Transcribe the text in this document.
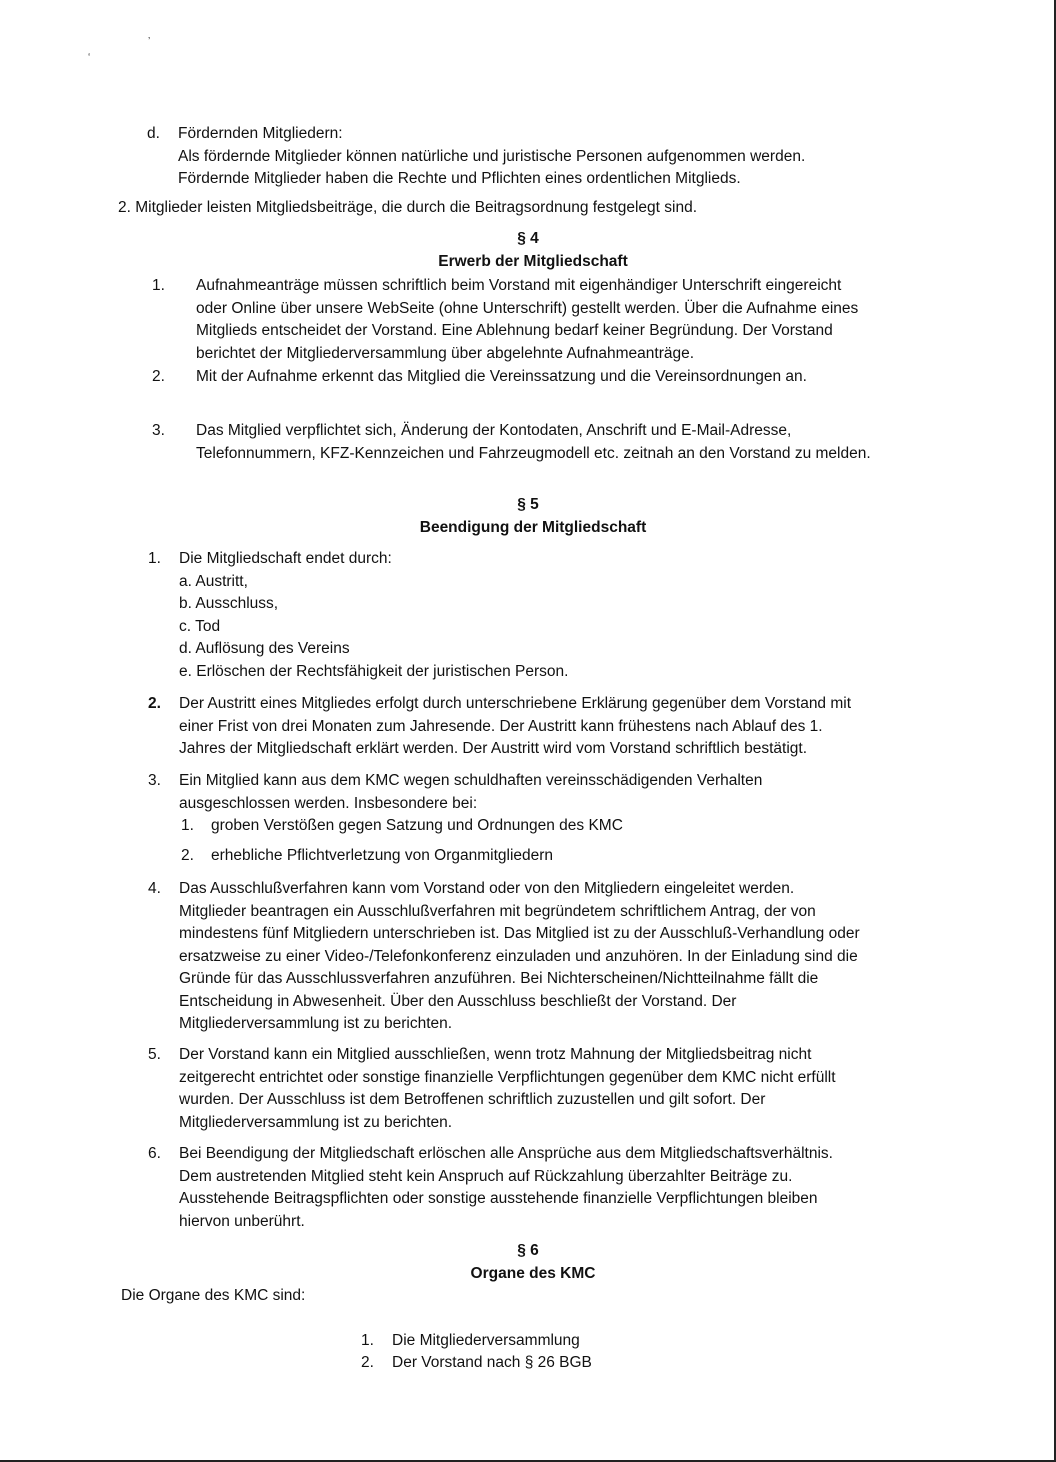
‘
’
d. Fördernden Mitgliedern:
Als fördernde Mitglieder können natürliche und juristische Personen aufgenommen werden.
Fördernde Mitglieder haben die Rechte und Pflichten eines ordentlichen Mitglieds.
2. Mitglieder leisten Mitgliedsbeiträge, die durch die Beitragsordnung festgelegt sind.
§ 4
Erwerb der Mitgliedschaft
1. Aufnahmeanträge müssen schriftlich beim Vorstand mit eigenhändiger Unterschrift eingereicht
oder Online über unsere WebSeite (ohne Unterschrift) gestellt werden. Über die Aufnahme eines
Mitglieds entscheidet der Vorstand. Eine Ablehnung bedarf keiner Begründung. Der Vorstand
berichtet der Mitgliederversammlung über abgelehnte Aufnahmeanträge.
2. Mit der Aufnahme erkennt das Mitglied die Vereinssatzung und die Vereinsordnungen an.
3. Das Mitglied verpflichtet sich, Änderung der Kontodaten, Anschrift und E-Mail-Adresse,
Telefonnummern, KFZ-Kennzeichen und Fahrzeugmodell etc. zeitnah an den Vorstand zu melden.
§ 5
Beendigung der Mitgliedschaft
1. Die Mitgliedschaft endet durch:
a. Austritt,
b. Ausschluss,
c. Tod
d. Auflösung des Vereins
e. Erlöschen der Rechtsfähigkeit der juristischen Person.
2. Der Austritt eines Mitgliedes erfolgt durch unterschriebene Erklärung gegenüber dem Vorstand mit
einer Frist von drei Monaten zum Jahresende. Der Austritt kann frühestens nach Ablauf des 1.
Jahres der Mitgliedschaft erklärt werden. Der Austritt wird vom Vorstand schriftlich bestätigt.
3. Ein Mitglied kann aus dem KMC wegen schuldhaften vereinsschädigenden Verhalten
ausgeschlossen werden. Insbesondere bei:
1. groben Verstößen gegen Satzung und Ordnungen des KMC
2. erhebliche Pflichtverletzung von Organmitgliedern
4. Das Ausschlußverfahren kann vom Vorstand oder von den Mitgliedern eingeleitet werden.
Mitglieder beantragen ein Ausschlußverfahren mit begründetem schriftlichem Antrag, der von
mindestens fünf Mitgliedern unterschrieben ist. Das Mitglied ist zu der Ausschluß-Verhandlung oder
ersatzweise zu einer Video-/Telefonkonferenz einzuladen und anzuhören. In der Einladung sind die
Gründe für das Ausschlussverfahren anzuführen. Bei Nichterscheinen/Nichtteilnahme fällt die
Entscheidung in Abwesenheit. Über den Ausschluss beschließt der Vorstand. Der
Mitgliederversammlung ist zu berichten.
5. Der Vorstand kann ein Mitglied ausschließen, wenn trotz Mahnung der Mitgliedsbeitrag nicht
zeitgerecht entrichtet oder sonstige finanzielle Verpflichtungen gegenüber dem KMC nicht erfüllt
wurden. Der Ausschluss ist dem Betroffenen schriftlich zuzustellen und gilt sofort. Der
Mitgliederversammlung ist zu berichten.
6. Bei Beendigung der Mitgliedschaft erlöschen alle Ansprüche aus dem Mitgliedschaftsverhältnis.
Dem austretenden Mitglied steht kein Anspruch auf Rückzahlung überzahlter Beiträge zu.
Ausstehende Beitragspflichten oder sonstige ausstehende finanzielle Verpflichtungen bleiben
hiervon unberührt.
§ 6
Organe des KMC
Die Organe des KMC sind:
1. Die Mitgliederversammlung
2. Der Vorstand nach § 26 BGB
